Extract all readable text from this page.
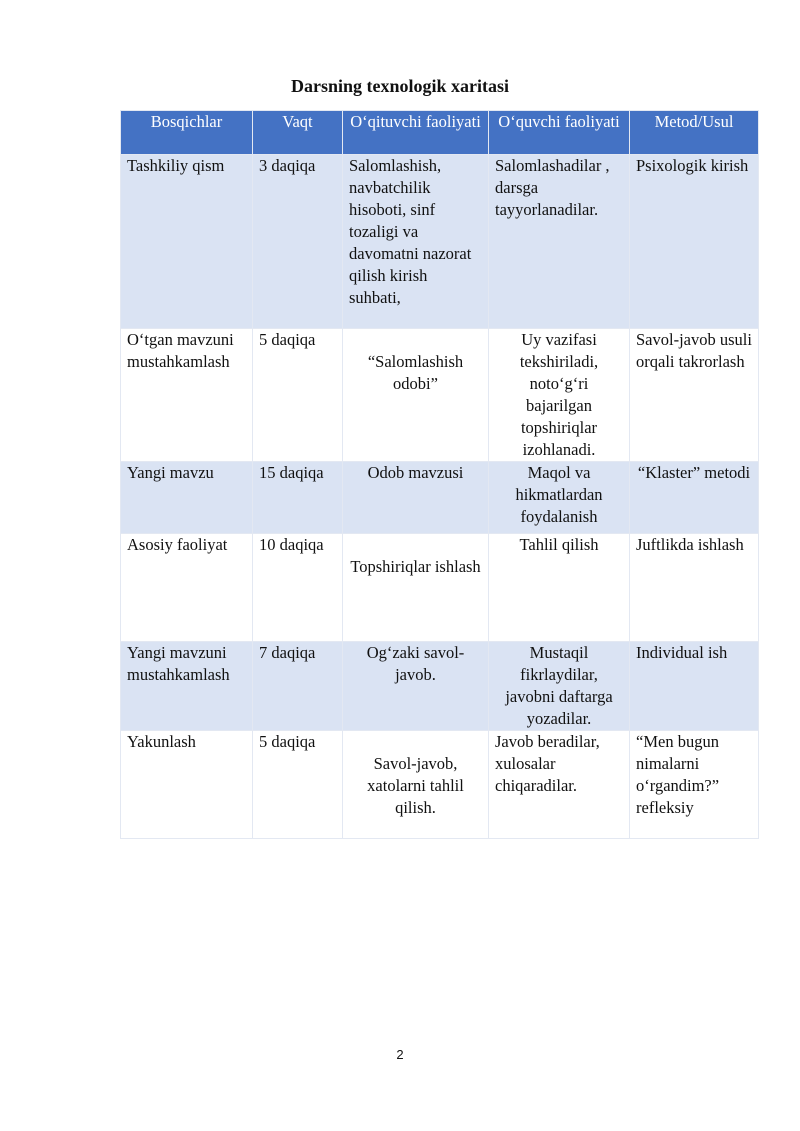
Darsning texnologik xaritasi
Bosqichlar	Vaqt	O‘qituvchi faoliyati	O‘quvchi faoliyati	Metod/Usul
Tashkiliy qism	3 daqiqa	Salomlashish, navbatchilik hisoboti, sinf tozaligi va davomatni nazorat qilish kirish suhbati,	Salomlashadilar , darsga tayyorlanadilar.	Psixologik kirish
O‘tgan mavzuni mustahkamlash	5 daqiqa	“Salomlashish odobi”	Uy vazifasi tekshiriladi, noto‘g‘ri bajarilgan topshiriqlar izohlanadi.	Savol-javob usuli orqali takrorlash
Yangi mavzu	15 daqiqa	Odob mavzusi	Maqol va hikmatlardan foydalanish	“Klaster” metodi
Asosiy faoliyat	10 daqiqa	Topshiriqlar ishlash	Tahlil qilish	Juftlikda ishlash
Yangi mavzuni mustahkamlash	7 daqiqa	Og‘zaki savol-javob.	Mustaqil fikrlaydilar, javobni daftarga yozadilar.	Individual ish
Yakunlash	5 daqiqa	Savol-javob, xatolarni tahlil qilish.	Javob beradilar, xulosalar chiqaradilar.	“Men bugun nimalarni o‘rgandim?” refleksiy
2
